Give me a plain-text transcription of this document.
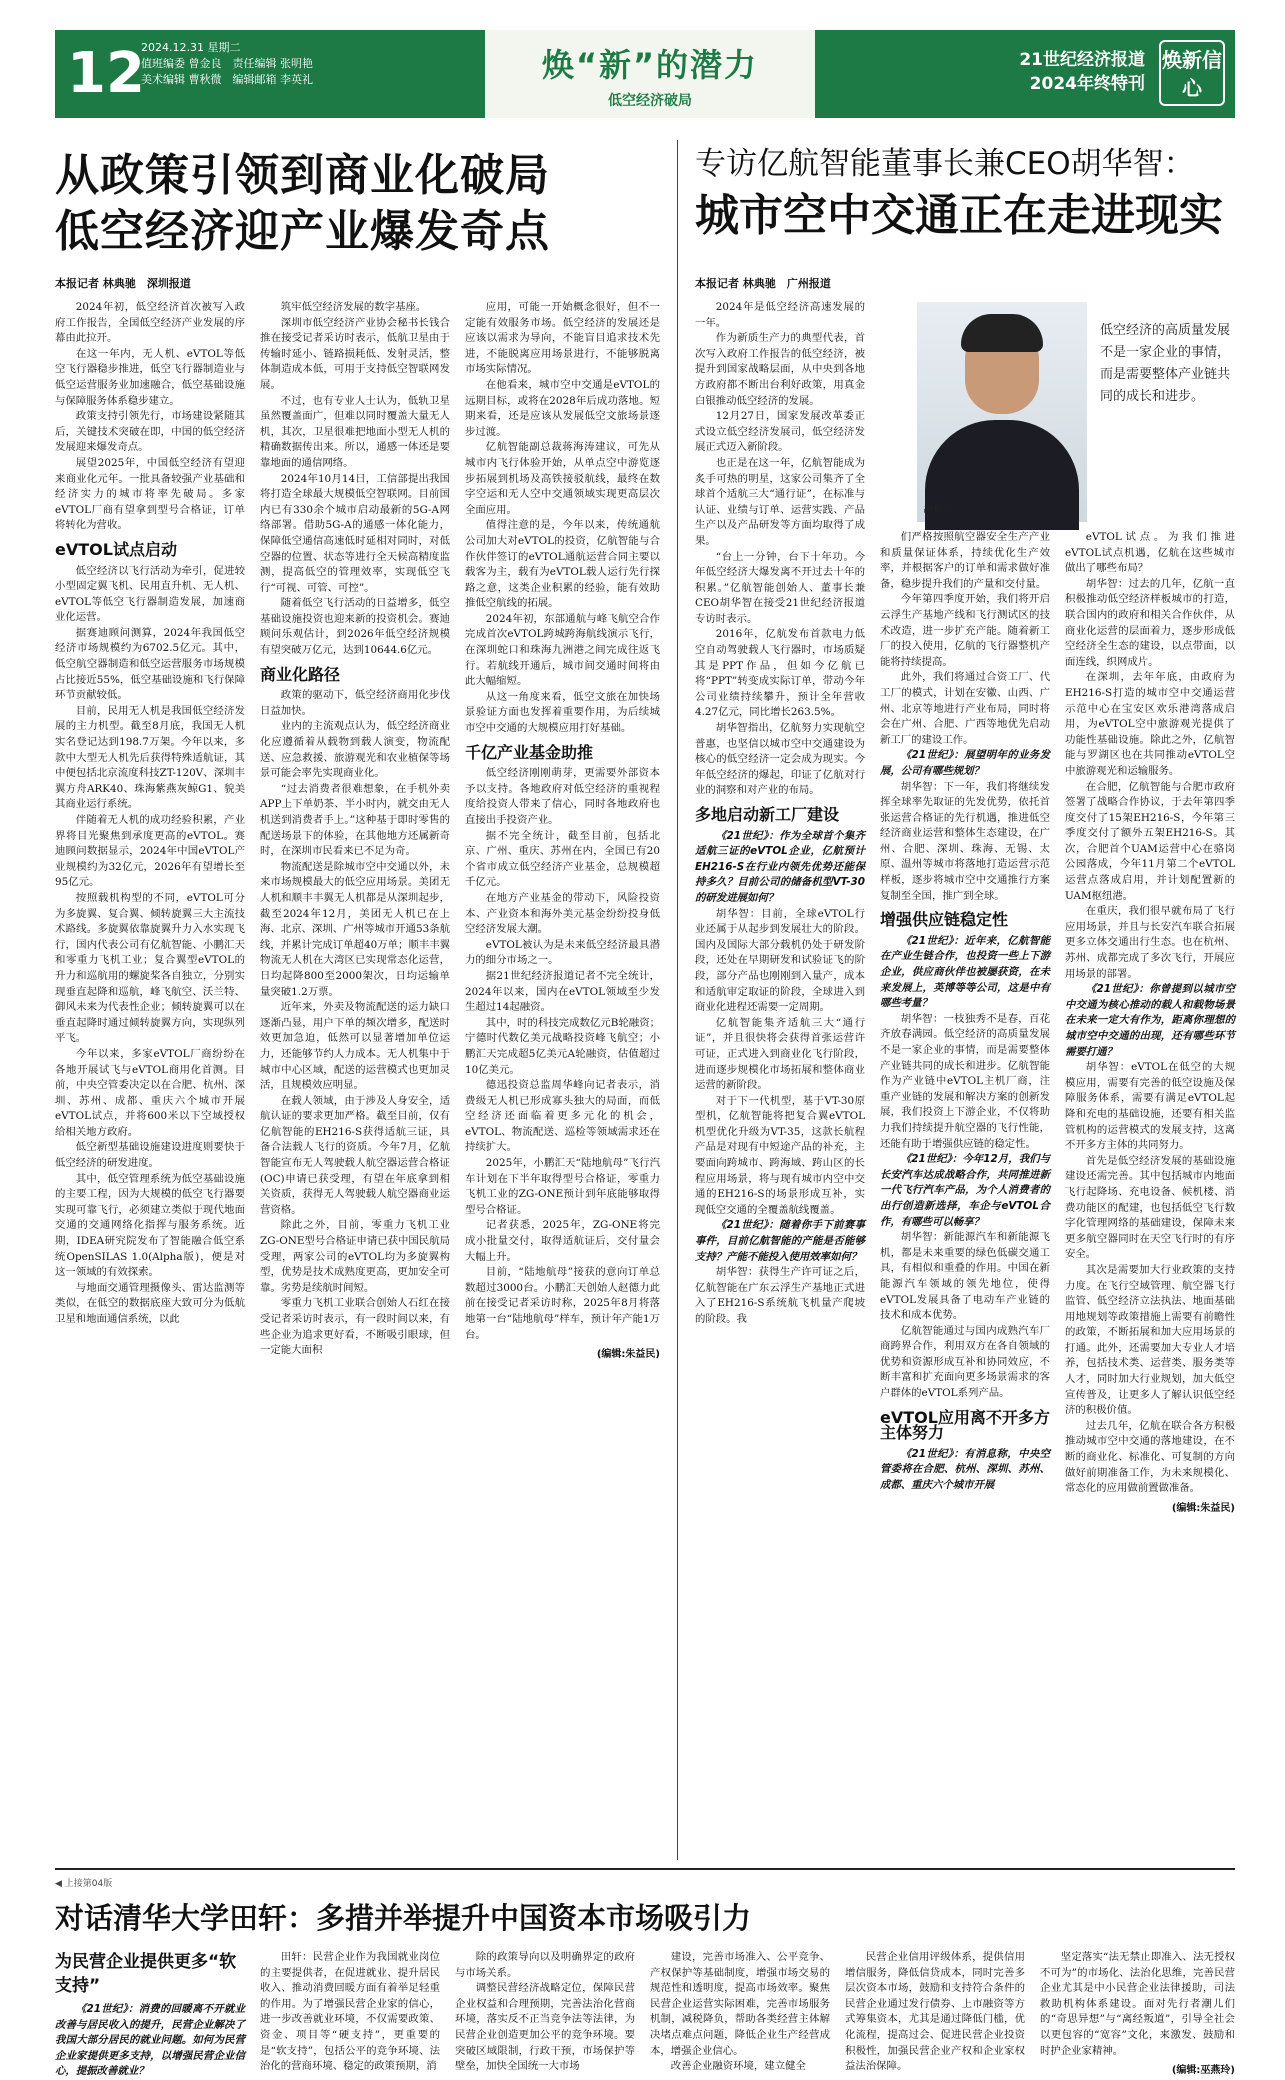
12
2024.12.31 星期二
值班编委 曾金良　责任编辑 张明艳
美术编辑 曹秋微　编辑邮箱 李英礼	焕“新”的潜力
低空经济破局
21世纪经济报道
2024年终特刊
焕新信心
从政策引领到商业化破局
低空经济迎产业爆发奇点
本报记者 林典驰　深圳报道
专访亿航智能董事长兼CEO胡华智：
城市空中交通正在走进现实
本报记者 林典驰　广州报道

2024年初，低空经济首次被写入政府工作报告，全国低空经济产业发展的序幕由此拉开。

在这一年内，无人机、eVTOL等低空飞行器稳步推进，低空飞行器制造业与低空运营服务业加速融合，低空基础设施与保障服务体系稳步建立。

政策支持引领先行，市场建设紧随其后，关键技术突破在即，中国的低空经济发展迎来爆发奇点。

展望2025年，中国低空经济有望迎来商业化元年。一批具备较强产业基础和经济实力的城市将率先破局。多家eVTOL厂商有望拿到型号合格证，订单将转化为营收。

eVTOL试点启动

低空经济以飞行活动为牵引，促进较小型固定翼飞机、民用直升机、无人机、eVTOL等低空飞行器制造发展，加速商业化运营。

据赛迪顾问测算，2024年我国低空经济市场规模约为6702.5亿元。其中，低空航空器制造和低空运营服务市场规模占比接近55%，低空基础设施和飞行保障环节贡献较低。

目前，民用无人机是我国低空经济发展的主力机型。截至8月底，我国无人机实名登记达到198.7万架。今年以来，多款中大型无人机先后获得特殊适航证，其中便包括北京流度科技ZT-120V、深圳丰翼方舟ARK40、珠海紫燕灰鲸G1、貌美其商业运行系统。

伴随着无人机的成功经验积累，产业界将目光聚焦到承度更高的eVTOL。赛迪顾问数据显示，2024年中国eVTOL产业规模约为32亿元，2026年有望增长至95亿元。

按照载机构型的不同，eVTOL可分为多旋翼、复合翼、倾转旋翼三大主流技术路线。多旋翼依靠旋翼升力入水实现飞行，国内代表公司有亿航智能、小鹏汇天和零重力飞机工业；复合翼型eVTOL的升力和巡航用的螺旋桨各自独立，分别实现垂直起降和巡航，峰飞航空、沃兰特、御风未来为代表性企业；倾转旋翼可以在垂直起降时通过倾转旋翼方向，实现纵列平飞。

今年以来，多家eVTOL厂商纷纷在各地开展试飞与eVTOL商用化首测。目前，中央空管委决定以在合肥、杭州、深圳、苏州、成都、重庆六个城市开展eVTOL试点，并将600米以下空域授权给相关地方政府。

低空新型基础设施建设进度则要快于低空经济的研发进度。

其中，低空管理系统为低空基础设施的主要工程，因为大规模的低空飞行器要实现可靠飞行，必须建立类似于现代地面交通的交通网络化指挥与服务系统。近期，IDEA研究院发布了智能融合低空系统OpenSILAS 1.0(Alpha版)，便是对这一领域的有效探索。

与地面交通管理摄像头、雷达监测等类似，在低空的数据底座大致可分为低航卫星和地面通信系统，以此

筑牢低空经济发展的数字基座。

深圳市低空经济产业协会秘书长钱合推在接受记者采访时表示，低航卫星由于传输时延小、链路损耗低、发射灵活，整体制造成本低，可用于支持低空智联网发展。

不过，也有专业人士认为，低轨卫星虽然覆盖面广，但难以同时覆盖大量无人机，其次，卫星很难把地面小型无人机的精确数据传出来。所以，通感一体还是要靠地面的通信网络。

2024年10月14日，工信部提出我国将打造全球最大规模低空智联网。目前国内已有330余个城市启动最新的5G-A网络部署。借助5G-A的通感一体化能力，保障低空通信高速低时延相对同时，对低空器的位置、状态等进行全天候高精度监测，提高低空的管理效率，实现低空飞行“可视、可管、可控”。

随着低空飞行活动的日益增多，低空基础设施投资也迎来新的投资机会。赛迪顾问乐观估计，到2026年低空经济规模有望突破万亿元，达到10644.6亿元。

商业化路径

政策的驱动下，低空经济商用化步伐日益加快。

业内的主流观点认为，低空经济商业化应遵循着从载物到载人演变，物流配送、应急救援、旅游观光和农业植保等场景可能会率先实现商业化。

“过去消费者很难想象，在手机外卖APP上下单奶茶、半小时内，就交由无人机送到消费者手上。”这种基于即时零售的配送场景下的体验，在其他地方还属新奇时，在深圳市民看来已不足为奇。

物流配送是除城市空中交通以外，未来市场规模最大的低空应用场景。美团无人机和顺丰丰翼无人机都是从深圳起步，截至2024年12月，美团无人机已在上海、北京、深圳、广州等城市开通53条航线，并累计完成订单超40万单；顺丰丰翼物流无人机在大湾区已实现常态化运营，日均起降800至2000架次，日均运输单量突破1.2万票。

近年来，外卖及物流配送的运力缺口逐渐凸显，用户下单的频次增多，配送时效更加急迫，低然可以显著增加单位运力，还能够节约人力成本。无人机集中于城市中心区域，配送的运营模式也更加灵活，且规模效应明显。

在载人领域，由于涉及人身安全，适航认证的要求更加严格。截至目前，仅有亿航智能的EH216-S获得适航三证，具备合法载人飞行的资质。今年7月，亿航智能宣布无人驾驶载人航空器运营合格证(OC)申请已获受理，有望在年底拿到相关资质，获得无人驾驶载人航空器商业运营资格。

除此之外，目前，零重力飞机工业ZG-ONE型号合格证申请已获中国民航局受理，两家公司的eVTOL均为多旋翼构型，优势是技术成熟度更高，更加安全可靠。劣势是续航时间短。

零重力飞机工业联合创始人石红在接受记者采访时表示，有一段时间以来，有些企业为追求更好看，不断吸引眼球，但一定能大面积

应用，可能一开始概念很好，但不一定能有效服务市场。低空经济的发展还是应该以需求为导向，不能盲目追求技术先进，不能脱离应用场景进行，不能够脱离市场实际情况。

在他看来，城市空中交通是eVTOL的远期目标，或将在2028年后成功落地。短期来看，还是应该从发展低空文旅场景逐步过渡。

亿航智能副总裁蒋海涛建议，可先从城市内飞行体验开始，从单点空中游览逐步拓展到机场及高铁接驳航线，最终在数字空运和无人空中交通领域实现更高层次全面应用。

值得注意的是，今年以来，传统通航公司加大对eVTOL的投资，亿航智能与合作伙伴签订的eVTOL通航运营合同主要以载客为主，载有为eVTOL载人运行先行探路之意，这类企业积累的经验，能有效助推低空航线的拓展。

2024年初，东部通航与峰飞航空合作完成首次eVTOL跨城跨海航线演示飞行，在深圳蛇口和珠海九洲港之间完成往返飞行。若航线开通后，城市间交通时间将由此大幅缩短。

从这一角度来看，低空文旅在加快场景验证方面也发挥着重要作用，为后续城市空中交通的大规模应用打好基础。

千亿产业基金助推

低空经济刚刚萌芽，更需要外部资本予以支持。各地政府对低空经济的重视程度给投资人带来了信心，同时各地政府也直接出手投资产业。

据不完全统计，截至目前，包括北京、广州、重庆、苏州在内，全国已有20个省市成立低空经济产业基金，总规模超千亿元。

在地方产业基金的带动下，风险投资本、产业资本和海外美元基金纷纷投身低空经济发展大潮。

eVTOL被认为是未来低空经济最具潜力的细分市场之一。

据21世纪经济报道记者不完全统计，2024年以来，国内在eVTOL领域至少发生超过14起融资。

其中，时的科技完成数亿元B轮融资；宁德时代数亿美元战略投资峰飞航空；小鹏汇天完成超5亿美元A轮融资，估值超过10亿美元。

德迅投资总监周华峰向记者表示，消费级无人机已形成寡头独大的局面，而低空经济还面临着更多元化的机会，eVTOL、物流配送、巡检等领域需求还在持续扩大。

2025年，小鹏汇天“陆地航母”飞行汽车计划在下半年取得型号合格证，零重力飞机工业的ZG-ONE预计到年底能够取得型号合格证。

记者获悉，2025年，ZG-ONE将完成小批量交付，取得适航证后，交付量会大幅上升。

目前，“陆地航母”接获的意向订单总数超过3000台。小鹏汇天创始人赵德力此前在接受记者采访时称，2025年8月将落地第一台“陆地航母”样车，预计年产能1万台。

(编辑:朱益民)

胡华智
低空经济的高质量发展不是一家企业的事情，而是需要整体产业链共同的成长和进步。

2024年是低空经济高速发展的一年。

作为新质生产力的典型代表，首次写入政府工作报告的低空经济，被提升到国家战略层面，从中央到各地方政府都不断出台利好政策，用真金白银推动低空经济的发展。

12月27日，国家发展改革委正式设立低空经济发展司，低空经济发展正式迈入新阶段。

也正是在这一年，亿航智能成为炙手可热的明星，这家公司集齐了全球首个适航三大“通行证”，在标准与认证、业绩与订单、运营实践、产品生产以及产品研发等方面均取得了成果。

“台上一分钟，台下十年功。今年低空经济大爆发离不开过去十年的积累。”亿航智能创始人、董事长兼CEO胡华智在接受21世纪经济报道专访时表示。

2016年，亿航发布首款电力低空自动驾驶载人飞行器时，市场质疑其是PPT作品，但如今亿航已将“PPT”转变成实际订单，带动今年公司业绩持续攀升，预计全年营收4.27亿元，同比增长263.5%。

胡华智指出，亿航努力实现航空普惠，也坚信以城市空中交通建设为核心的低空经济一定会成为现实。今年低空经济的爆起，印证了亿航对行业的洞察和对产业的布局。

多地启动新工厂建设

《21世纪》：作为全球首个集齐适航三证的eVTOL企业，亿航预计EH216-S在行业内领先优势还能保持多久？目前公司的储备机型VT-30的研发进展如何？

胡华智：目前，全球eVTOL行业还属于从起步到发展壮大的阶段。国内及国际大部分载机仍处于研发阶段，还处在早期研发和试验证飞的阶段，部分产品也刚刚到入量产，成本和适航审定取证的阶段，全球进入到商业化进程还需要一定周期。

亿航智能集齐适航三大“通行证”，并且很快将会获得首张运营许可证，正式进入到商业化飞行阶段，进而逐步规模化市场拓展和整体商业运营的新阶段。

对于下一代机型，基于VT-30原型机，亿航智能将把复合翼eVTOL机型优化升级为VT-35，这款长航程产品是对现有中短途产品的补充，主要面向跨城市、跨海域、跨山区的长程应用场景，将与现有城市内空中交通的EH216-S的场景形成互补，实现低空交通的全覆盖航线覆盖。

《21世纪》：随着你手下前赛事事件，目前亿航智能的产能是否能够支持？产能不能投入使用效率如何？

胡华智：获得生产许可证之后，亿航智能在广东云浮生产基地正式进入了EH216-S系统航飞机量产爬坡的阶段。我

们严格按照航空器安全生产产业和质量保证体系，持续优化生产效率，并根据客户的订单和需求做好准备，稳步提升我们的产量和交付量。

今年第四季度开始，我们将开启云浮生产基地产线和飞行测试区的技术改造，进一步扩充产能。随着新工厂的投入使用，亿航的飞行器整机产能将持续提高。

此外，我们将通过合资工厂、代工厂的模式，计划在安徽、山西、广州、北京等地进行产业布局，同时将会在广州、合肥、广西等地优先启动新工厂的建设工作。

《21世纪》：展望明年的业务发展，公司有哪些规划？

胡华智：下一年，我们将继续发挥全球率先取证的先发优势，依托首张运营合格证的先行机遇，推进低空经济商业运营和整体生态建设，在广州、合肥、深圳、珠海、无锡、太原、温州等城市将落地打造运营示范样板，逐步将城市空中交通推行方案复制至全国，推广到全球。

增强供应链稳定性

《21世纪》：近年来，亿航智能在产业生链合作，也投资一些上下游企业，供应商伙伴也被屡获资，在未来发展上，英博等等公司，这是中有哪些考量？

胡华智：一枝独秀不是春，百花齐放春满园。低空经济的高质量发展不是一家企业的事情，而是需要整体产业链共同的成长和进步。亿航智能作为产业链中eVTOL主机厂商，注重产业链的发展和解决方案的创新发展，我们投资上下游企业，不仅将助力我们持续提升航空器的飞行性能，还能有助于增强供应链的稳定性。

《21世纪》：今年12月，我们与长安汽车达成战略合作，共同推进新一代飞行汽车产品，为个人消费者的出行创造新选择，车企与eVTOL合作，有哪些可以畅享？

胡华智：新能源汽车和新能源飞机，都是未来重要的绿色低碳交通工具，有相似和重叠的作用。中国在新能源汽车领域的领先地位，使得eVTOL发展具备了电动车产业链的技术和成本优势。

亿航智能通过与国内成熟汽车厂商跨界合作，利用双方在各自领域的优势和资源形成互补和协同效应，不断丰富和扩充面向更多场景需求的客户群体的eVTOL系列产品。

eVTOL应用离不开多方主体努力

《21世纪》：有消息称，中央空管委将在合肥、杭州、深圳、苏州、成都、重庆六个城市开展

eVTOL试点。为我们推进eVTOL试点机遇，亿航在这些城市做出了哪些布局？

胡华智：过去的几年，亿航一直积极推动低空经济样板城市的打造，联合国内的政府和相关合作伙伴，从商业化运营的层面着力，逐步形成低空经济全生态的建设，以点带面，以面连线，织网成片。

在深圳，去年年底，由政府为EH216-S打造的城市空中交通运营示范中心在宝安区欢乐港湾落成启用，为eVTOL空中旅游观光提供了功能性基础设施。除此之外，亿航智能与罗湖区也在共同推动eVTOL空中旅游观光和运输服务。

在合肥，亿航智能与合肥市政府签署了战略合作协议，于去年第四季度交付了15架EH216-S，今年第三季度交付了额外五架EH216-S。其次，合肥首个UAM运营中心在骆岗公园落成，今年11月第二个eVTOL运营点落成启用，并计划配置新的UAM枢纽港。

在重庆，我们很早就布局了飞行应用场景，并且与长安汽车联合拓展更多立体交通出行生态。也在杭州、苏州、成都完成了多次飞行，开展应用场景的部署。

《21世纪》：你曾提到以城市空中交通为核心推动的载人和载物场景在未来一定大有作为，距离你理想的城市空中交通的出现，还有哪些环节需要打通？

胡华智：eVTOL在低空的大规模应用，需要有完善的低空设施及保障服务体系，需要有满足eVTOL起降和充电的基础设施，还要有相关监管机构的运营模式的发展支持，这离不开多方主体的共同努力。

首先是低空经济发展的基础设施建设还需完善。其中包括城市内地面飞行起降场、充电设备、候机楼、消费功能区的配建，也包括低空飞行数字化管理网络的基础建设，保障未来更多航空器同时在天空飞行时的有序安全。

其次是需要加大行业政策的支持力度。在飞行空域管理、航空器飞行监管、低空经济立法执法、地面基础用地规划等政策措施上需要有前瞻性的政策，不断拓展和加大应用场景的打通。此外，还需要加大专业人才培养，包括技术类、运营类、服务类等人才，同时加大行业规划，加大低空宣传普及，让更多人了解认识低空经济的积极价值。

过去几年，亿航在联合各方积极推动城市空中交通的落地建设，在不断的商业化、标准化、可复制的方向做好前期准备工作，为未来规模化、常态化的应用做前置做准备。

(编辑:朱益民)

◀ 上接第04版
对话清华大学田轩：多措并举提升中国资本市场吸引力
为民营企业提供更多“软支持”

《21世纪》：消费的回暖离不开就业改善与居民收入的提升，民营企业解决了我国大部分居民的就业问题。如何为民营企业家提供更多支持，以增强民营企业信心，提振改善就业？

田轩：民营企业作为我国就业岗位的主要提供者，在促进就业、提升居民收入、推动消费回暖方面有着举足轻重的作用。为了增强民营企业家的信心，进一步改善就业环境，不仅需要政策、资金、项目等“硬支持”，更重要的是“软支持”，包括公平的竞争环境、法治化的营商环境、稳定的政策预期，消

除的政策导向以及明确界定的政府与市场关系。

调整民营经济战略定位，保障民营企业权益和合理预期，完善法治化营商环境，落实反不正当竞争法等法律，为民营企业创造更加公平的竞争环境。要突破区域限制，行政干预，市场保护等壁垒，加快全国统一大市场

建设，完善市场准入、公平竞争、产权保护等基础制度，增强市场交易的规范性和透明度，提高市场效率。聚焦民营企业运营实际困难，完善市场服务机制，减税降负，帮助各类经营主体解决堵点难点问题，降低企业生产经营成本，增强企业信心。

改善企业融资环境，建立健全

民营企业信用评级体系，提供信用增信服务，降低信贷成本，同时完善多层次资本市场，鼓励和支持符合条件的民营企业通过发行债券、上市融资等方式筹集资本，尤其是通过降低门槛，优化流程，提高过会、促进民营企业投资积极性，加强民营企业产权和企业家权益法治保障。

坚定落实“法无禁止即准入、法无授权不可为”的市场化、法治化思维，完善民营企业尤其是中小民营企业法律援助，司法救助机构体系建设。面对先行者潮儿们的“奇思异想”与“离经叛道”，引导全社会以更包容的“宽容”文化，来激发、鼓励和时护企业家精神。

(编辑:巫燕玲)
